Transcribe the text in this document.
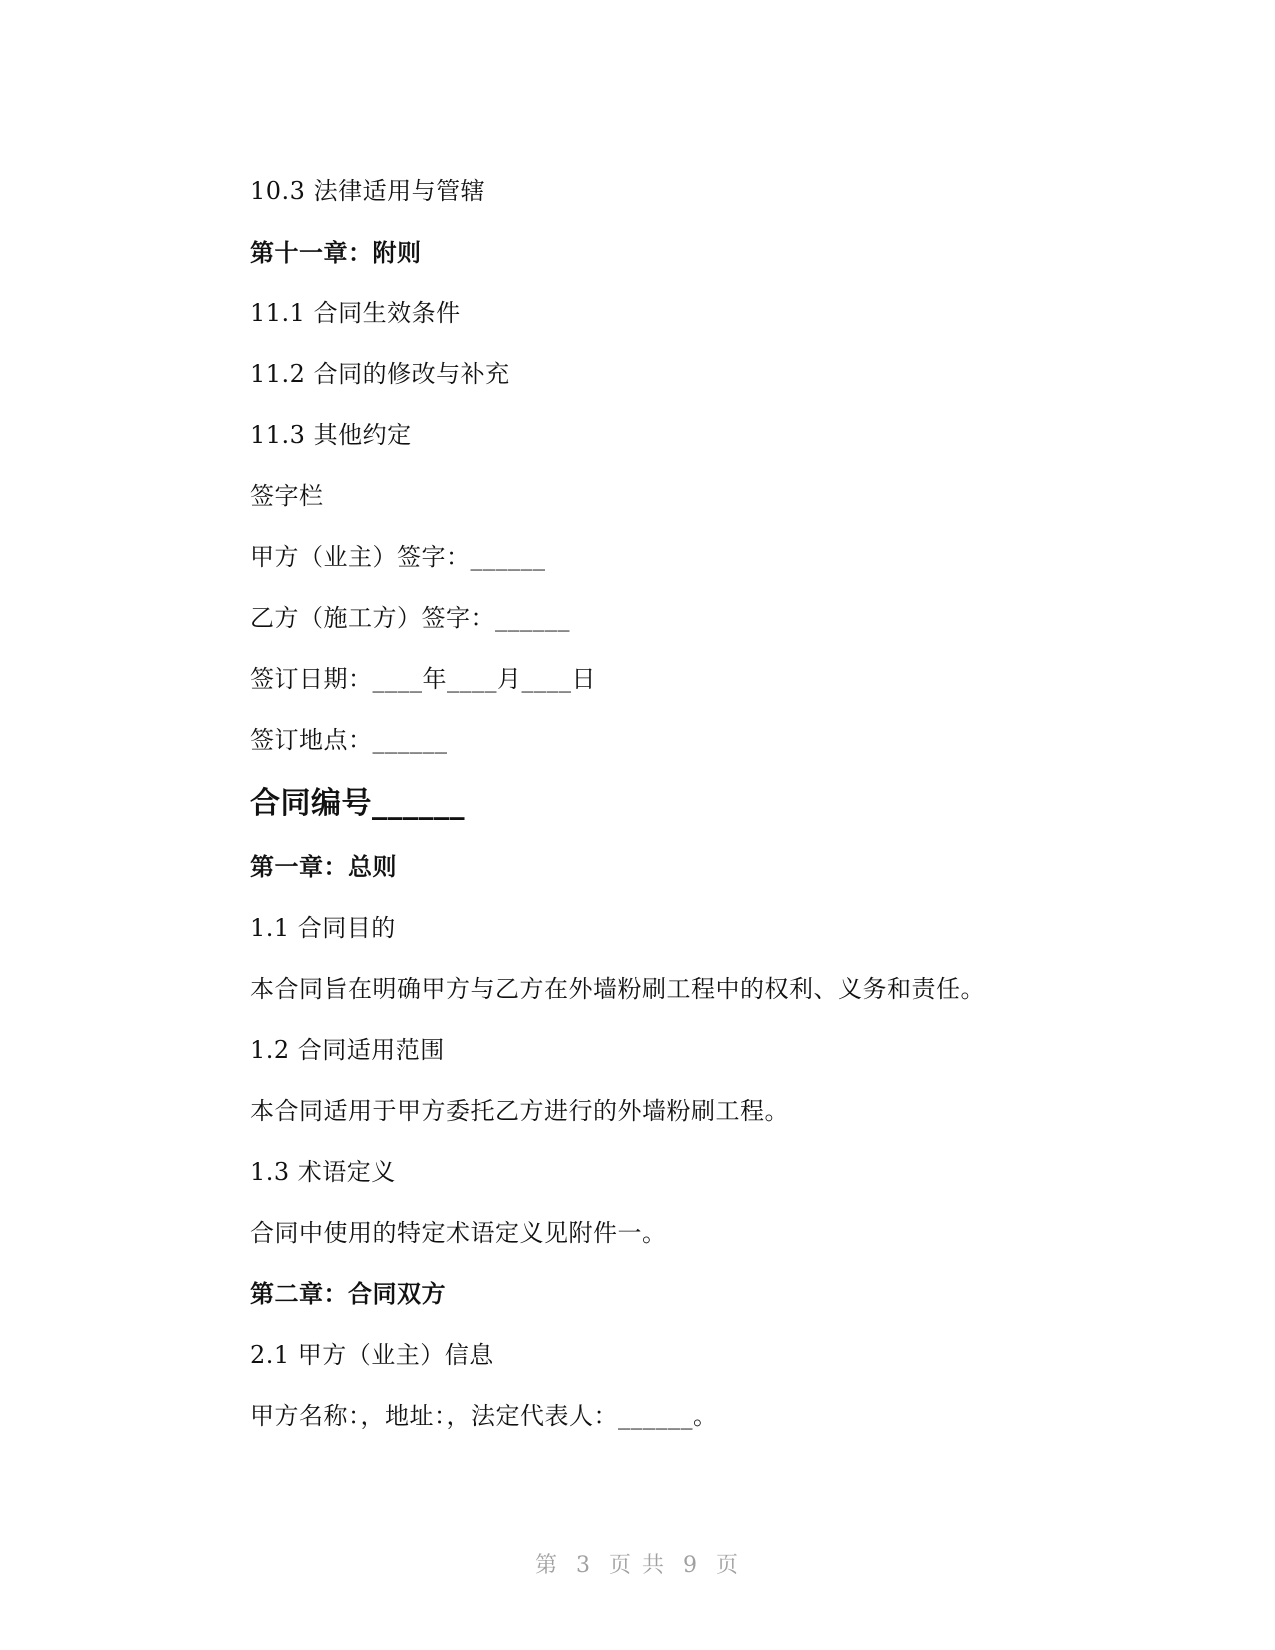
10.3 法律适用与管辖
第十一章：附则
11.1 合同生效条件
11.2 合同的修改与补充
11.3 其他约定
签字栏
甲方（业主）签字：______
乙方（施工方）签字：______
签订日期：____年____月____日
签订地点：______
合同编号______
第一章：总则
1.1 合同目的
本合同旨在明确甲方与乙方在外墙粉刷工程中的权利、义务和责任。
1.2 合同适用范围
本合同适用于甲方委托乙方进行的外墙粉刷工程。
1.3 术语定义
合同中使用的特定术语定义见附件一。
第二章：合同双方
2.1 甲方（业主）信息
甲方名称：，地址：，法定代表人：______。
第 3 页 共 9 页
